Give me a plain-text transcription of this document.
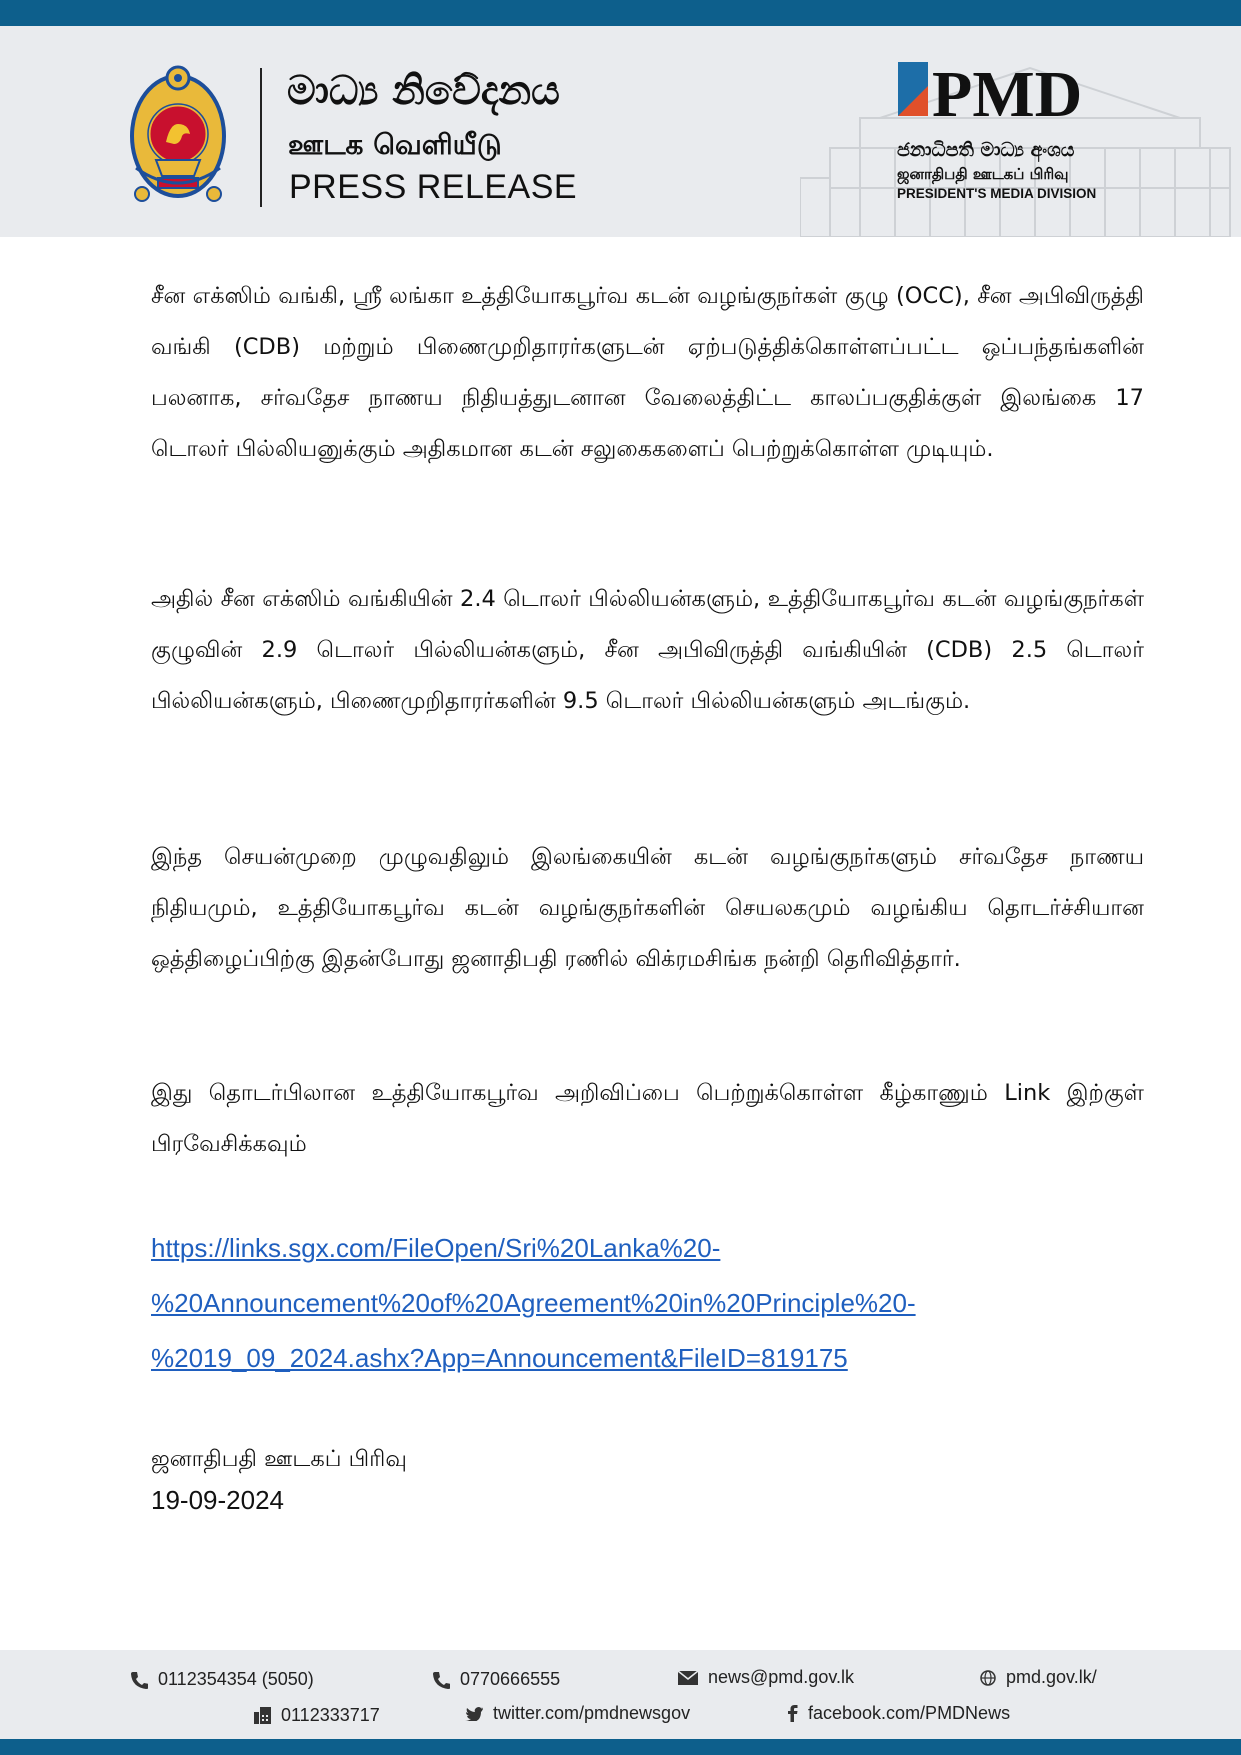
මාධ්‍ය නිවේදනය
ஊடக வெளியீடு
PRESS RELEASE
PMD
ජනාධිපති මාධ්‍ය අංශය
ஜனாதிபதி ஊடகப் பிரிவு
PRESIDENT'S MEDIA DIVISION
சீன எக்ஸிம் வங்கி, ஸ்ரீ லங்கா உத்தியோகபூர்வ கடன் வழங்குநர்கள் குழு (OCC), சீன அபிவிருத்தி வங்கி (CDB) மற்றும் பிணைமுறிதாரர்களுடன் ஏற்படுத்திக்கொள்ளப்பட்ட ஒப்பந்தங்களின் பலனாக, சர்வதேச நாணய நிதியத்துடனான வேலைத்திட்ட காலப்பகுதிக்குள் இலங்கை 17 டொலர் பில்லியனுக்கும் அதிகமான கடன் சலுகைகளைப் பெற்றுக்கொள்ள முடியும்.
அதில் சீன எக்ஸிம் வங்கியின் 2.4 டொலர் பில்லியன்களும், உத்தியோகபூர்வ கடன் வழங்குநர்கள் குழுவின் 2.9 டொலர் பில்லியன்களும், சீன அபிவிருத்தி வங்கியின் (CDB) 2.5 டொலர் பில்லியன்களும், பிணைமுறிதாரர்களின் 9.5 டொலர் பில்லியன்களும் அடங்கும்.
இந்த செயன்முறை முழுவதிலும் இலங்கையின் கடன் வழங்குநர்களும் சர்வதேச நாணய நிதியமும், உத்தியோகபூர்வ கடன் வழங்குநர்களின் செயலகமும் வழங்கிய தொடர்ச்சியான ஒத்திழைப்பிற்கு இதன்போது ஜனாதிபதி ரணில் விக்ரமசிங்க நன்றி தெரிவித்தார்.
இது தொடர்பிலான உத்தியோகபூர்வ அறிவிப்பை பெற்றுக்கொள்ள கீழ்காணும் Link இற்குள் பிரவேசிக்கவும்
https://links.sgx.com/FileOpen/Sri%20Lanka%20-
%20Announcement%20of%20Agreement%20in%20Principle%20-
%2019_09_2024.ashx?App=Announcement&FileID=819175
ஜனாதிபதி ஊடகப் பிரிவு
19-09-2024
0112354354 (5050)	0770666555	news@pmd.gov.lk	pmd.gov.lk/
0112333717	twitter.com/pmdnewsgov	facebook.com/PMDNews
